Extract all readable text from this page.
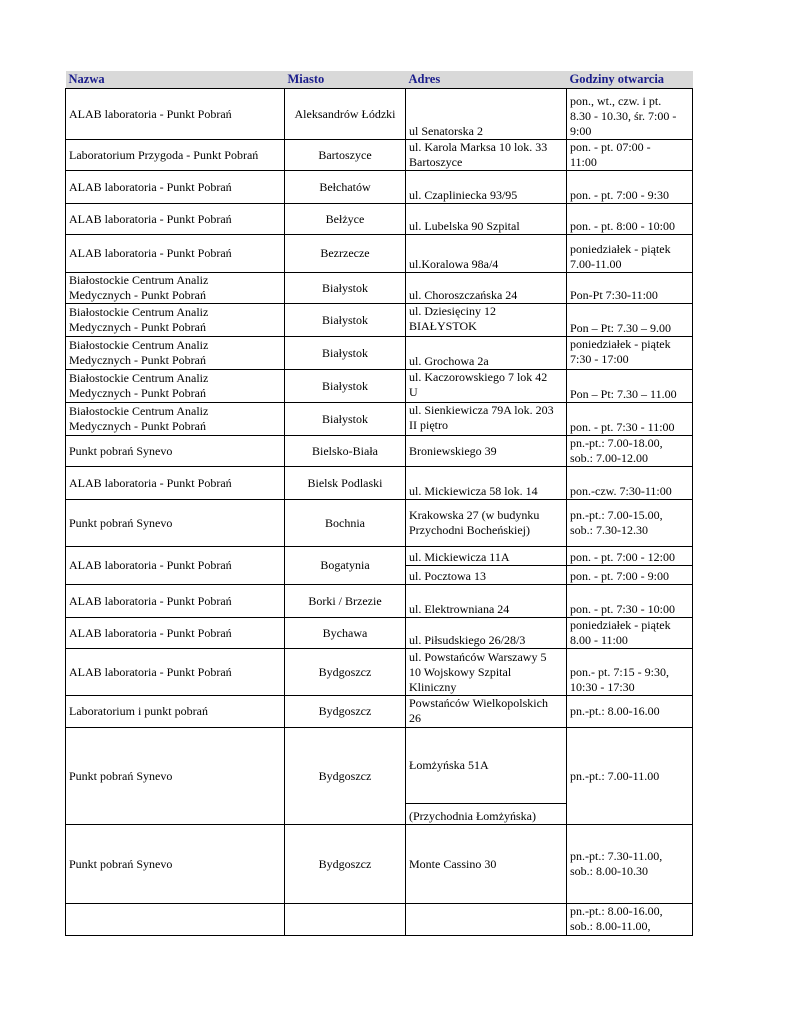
Nazwa	Miasto	Adres	Godziny otwarcia

ALAB laboratoria - Punkt Pobrań	Aleksandrów Łódzki	ul Senatorska 2	pon., wt., czw. i pt.
8.30 - 10.30, śr. 7:00 -
9:00

Laboratorium Przygoda - Punkt Pobrań	Bartoszyce	ul. Karola Marksa 10 lok. 33
Bartoszyce	pon. - pt. 07:00 -
11:00

ALAB laboratoria - Punkt Pobrań	Bełchatów	ul. Czapliniecka 93/95	pon. - pt. 7:00 - 9:30

ALAB laboratoria - Punkt Pobrań	Bełżyce	ul. Lubelska 90 Szpital	pon. - pt. 8:00 - 10:00

ALAB laboratoria - Punkt Pobrań	Bezrzecze	ul.Koralowa 98a/4	poniedziałek - piątek
7.00-11.00

Białostockie Centrum Analiz
Medycznych - Punkt Pobrań	Białystok	ul. Choroszczańska 24	Pon-Pt 7:30-11:00

Białostockie Centrum Analiz
Medycznych - Punkt Pobrań	Białystok	ul. Dziesięciny 12
BIAŁYSTOK	Pon – Pt: 7.30 – 9.00

Białostockie Centrum Analiz
Medycznych - Punkt Pobrań	Białystok	ul. Grochowa 2a	poniedziałek - piątek
7:30 - 17:00

Białostockie Centrum Analiz
Medycznych - Punkt Pobrań	Białystok	ul. Kaczorowskiego 7 lok 42
U	Pon – Pt: 7.30 – 11.00

Białostockie Centrum Analiz
Medycznych - Punkt Pobrań	Białystok	ul. Sienkiewicza 79A lok. 203
II piętro	pon. - pt. 7:30 - 11:00

Punkt pobrań Synevo	Bielsko-Biała	Broniewskiego 39	pn.-pt.: 7.00-18.00,
sob.: 7.00-12.00

ALAB laboratoria - Punkt Pobrań	Bielsk Podlaski	ul. Mickiewicza 58 lok. 14	pon.-czw. 7:30-11:00

Punkt pobrań Synevo	Bochnia	Krakowska 27 (w budynku
Przychodni Bocheńskiej)	pn.-pt.: 7.00-15.00,
sob.: 7.30-12.30

ALAB laboratoria - Punkt Pobrań	Bogatynia	ul. Mickiewicza 11A	pon. - pt. 7:00 - 12:00

		ul. Pocztowa 13	pon. - pt. 7:00 - 9:00

ALAB laboratoria - Punkt Pobrań	Borki / Brzezie	ul. Elektrowniana 24	pon. - pt. 7:30 - 10:00

ALAB laboratoria - Punkt Pobrań	Bychawa	ul. Piłsudskiego 26/28/3	poniedziałek - piątek
8.00 - 11:00

ALAB laboratoria - Punkt Pobrań	Bydgoszcz	ul. Powstańców Warszawy 5
10 Wojskowy Szpital
Kliniczny	pon.- pt. 7:15 - 9:30,
10:30 - 17:30

Laboratorium i punkt pobrań	Bydgoszcz	Powstańców Wielkopolskich
26	pn.-pt.: 8.00-16.00

Punkt pobrań Synevo	Bydgoszcz	Łomżyńska 51A	pn.-pt.: 7.00-11.00

		(Przychodnia Łomżyńska)	

Punkt pobrań Synevo	Bydgoszcz	Monte Cassino 30	pn.-pt.: 7.30-11.00,
sob.: 8.00-10.30

			pn.-pt.: 8.00-16.00,
sob.: 8.00-11.00,
